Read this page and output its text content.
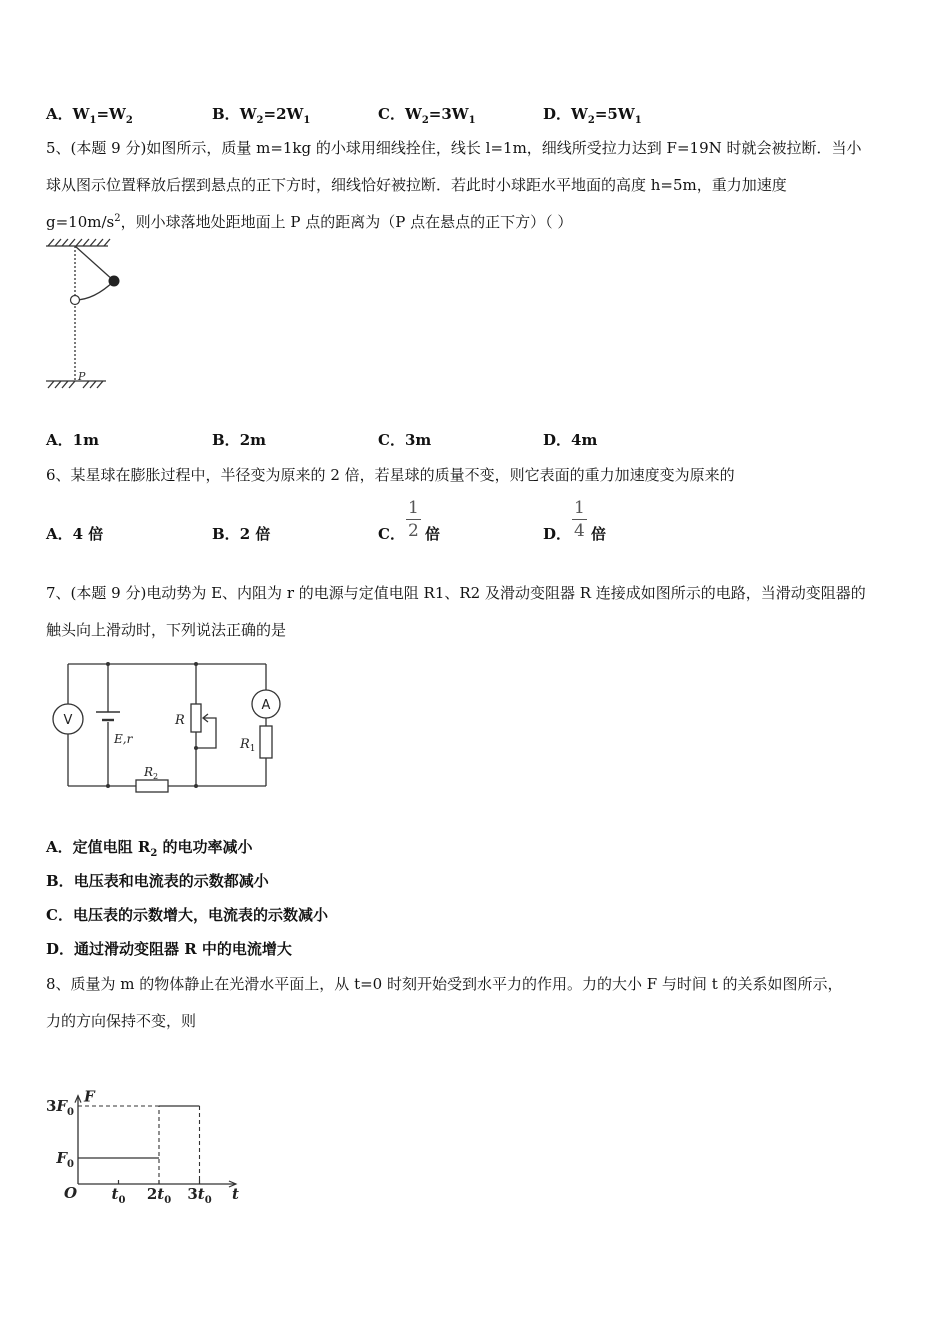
A．$W_1=W_2$	B．$W_2=2W_1$	C．$W_2=3W_1$	D．$W_2=5W_1$
5、(本题 9 分)如图所示，质量 m=1kg 的小球用细线拴住，线长 l=1m，细线所受拉力达到 F=19N 时就会被拉断．当小
球从图示位置释放后摆到悬点的正下方时，细线恰好被拉断．若此时小球距水平地面的高度 h=5m，重力加速度
$g=10m/s^2$，则小球落地处距地面上 P 点的距离为（P 点在悬点的正下方）（ ）
P
A．1m	B．2m	C．3m	D．4m
6、某星球在膨胀过程中，半径变为原来的 2 倍，若星球的质量不变，则它表面的重力加速度变为原来的
A．4 倍	B．2 倍	C． $\frac{1}{2}$ 倍	D． $\frac{1}{4}$ 倍
7、(本题 9 分)电动势为 E、内阻为 r 的电源与定值电阻 R1、R2 及滑动变阻器 R 连接成如图所示的电路，当滑动变阻器的
触头向上滑动时，下列说法正确的是
V
A
E,r
R
$R_1$
$R_2$
A．定值电阻 $R_2$ 的电功率减小
B．电压表和电流表的示数都减小
C．电压表的示数增大，电流表的示数减小
D．通过滑动变阻器 R 中的电流增大
8、质量为 m 的物体静止在光滑水平面上，从 t=0 时刻开始受到水平力的作用。力的大小 F 与时间 t 的关系如图所示，
力的方向保持不变，则
F
t
O $t_0$ $2t_0$ $3t_0$
$F_0$
$3F_0$
